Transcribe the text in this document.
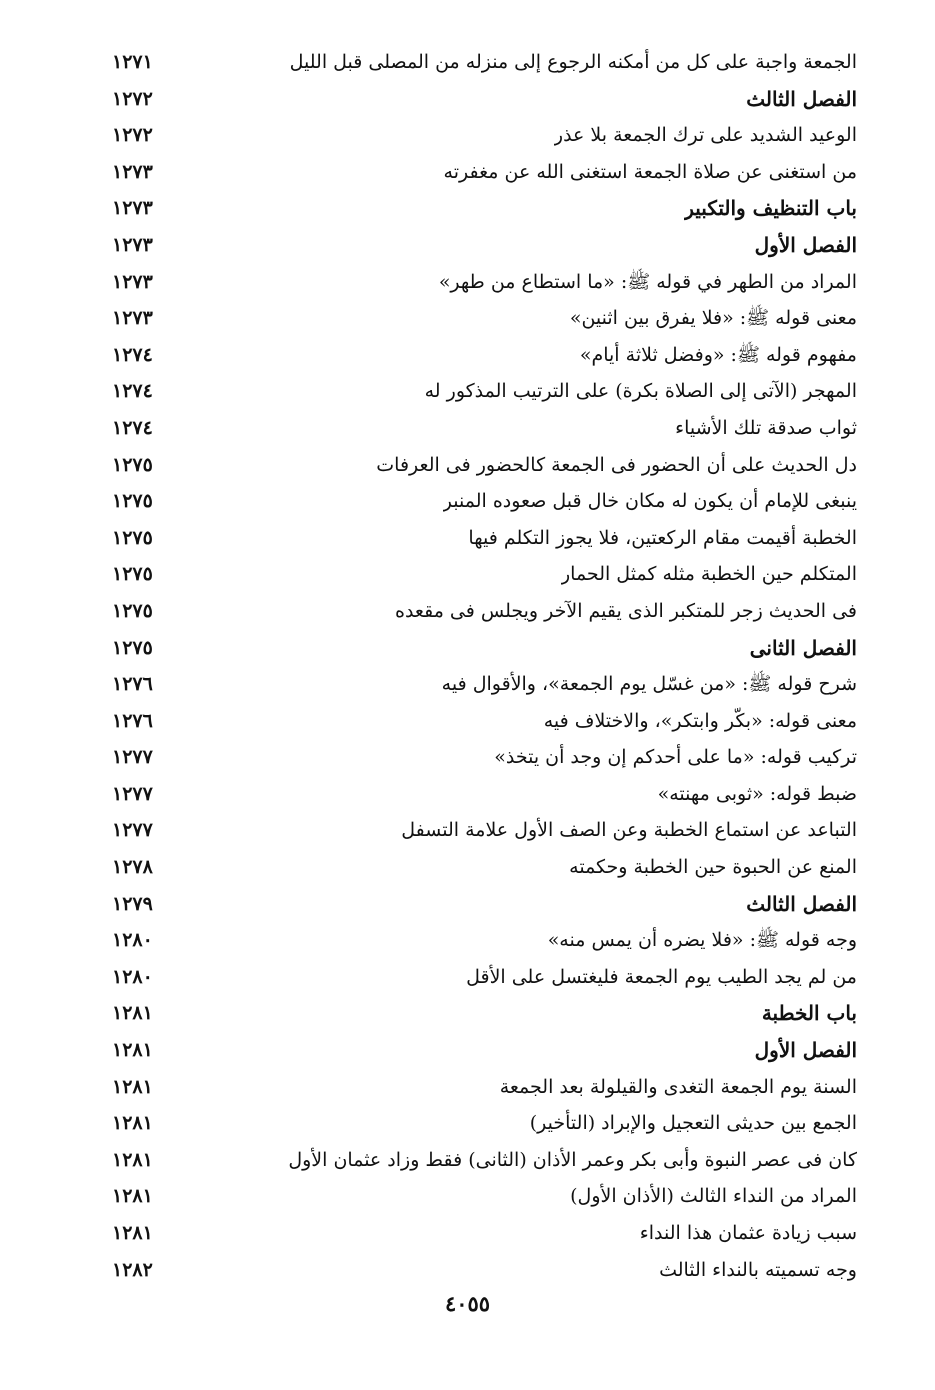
الجمعة واجبة على كل من أمكنه الرجوع إلى منزله من المصلى قبل الليل
١٢٧١
الفصل الثالث
١٢٧٢
الوعيد الشديد على ترك الجمعة بلا عذر
١٢٧٢
من استغنى عن صلاة الجمعة استغنى الله عن مغفرته
١٢٧٣
باب التنظيف والتكبير
١٢٧٣
الفصل الأول
١٢٧٣
المراد من الطهر في قوله ﷺ: «ما استطاع من طهر»
١٢٧٣
معنى قوله ﷺ: «فلا يفرق بين اثنين»
١٢٧٣
مفهوم قوله ﷺ: «وفضل ثلاثة أيام»
١٢٧٤
المهجر (الآتى إلى الصلاة بكرة) على الترتيب المذكور له
١٢٧٤
ثواب صدقة تلك الأشياء
١٢٧٤
دل الحديث على أن الحضور فى الجمعة كالحضور فى العرفات
١٢٧٥
ينبغى للإمام أن يكون له مكان خال قبل صعوده المنبر
١٢٧٥
الخطبة أقيمت مقام الركعتين، فلا يجوز التكلم فيها
١٢٧٥
المتكلم حين الخطبة مثله كمثل الحمار
١٢٧٥
فى الحديث زجر للمتكبر الذى يقيم الآخر ويجلس فى مقعده
١٢٧٥
الفصل الثانى
١٢٧٥
شرح قوله ﷺ: «من غسّل يوم الجمعة»، والأقوال فيه
١٢٧٦
معنى قوله: «بكّر وابتكر»، والاختلاف فيه
١٢٧٦
تركيب قوله: «ما على أحدكم إن وجد أن يتخذ»
١٢٧٧
ضبط قوله: «ثوبى مهنته»
١٢٧٧
التباعد عن استماع الخطبة وعن الصف الأول علامة التسفل
١٢٧٧
المنع عن الحبوة حين الخطبة وحكمته
١٢٧٨
الفصل الثالث
١٢٧٩
وجه قوله ﷺ: «فلا يضره أن يمس منه»
١٢٨٠
من لم يجد الطيب يوم الجمعة فليغتسل على الأقل
١٢٨٠
باب الخطبة
١٢٨١
الفصل الأول
١٢٨١
السنة يوم الجمعة التغدى والقيلولة بعد الجمعة
١٢٨١
الجمع بين حديثى التعجيل والإبراد (التأخير)
١٢٨١
كان فى عصر النبوة وأبى بكر وعمر الأذان (الثانى) فقط وزاد عثمان الأول
١٢٨١
المراد من النداء الثالث (الأذان الأول)
١٢٨١
سبب زيادة عثمان هذا النداء
١٢٨١
وجه تسميته بالنداء الثالث
١٢٨٢
٤٠٥٥
